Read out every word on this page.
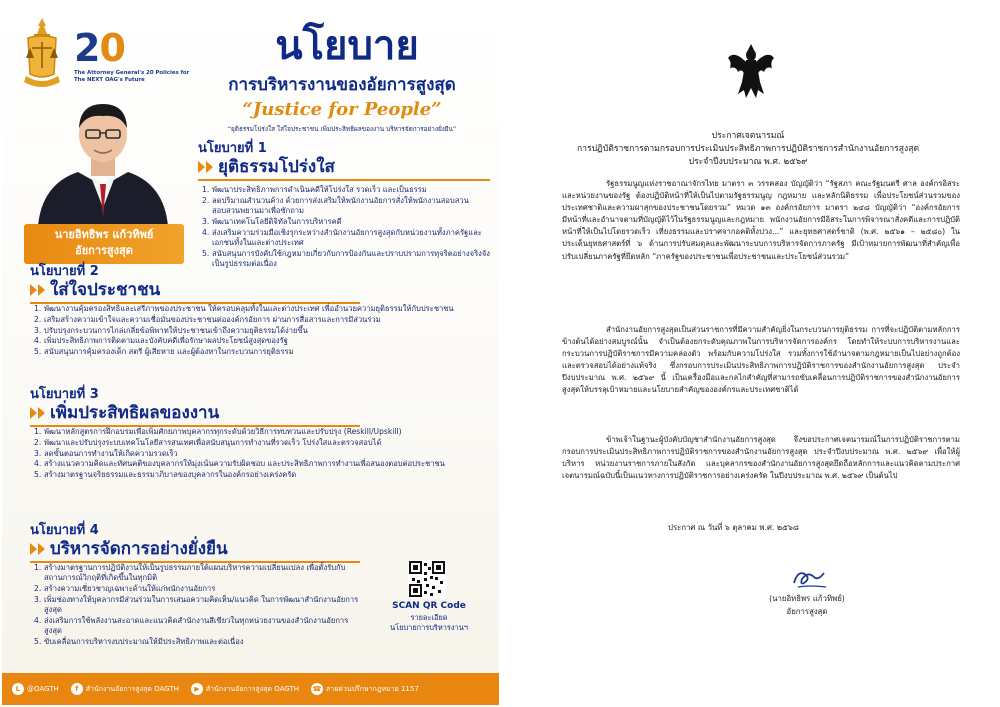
20
The Attorney General's 20 Policies for The NEXT OAG's Future
นโยบาย
การบริหารงานของอัยการสูงสุด
“Justice for People”
“ยุติธรรมโปร่งใส ใส่ใจประชาชน เพิ่มประสิทธิผลของงาน บริหารจัดการอย่างยั่งยืน”
นายอิทธิพร แก้วทิพย์
อัยการสูงสุด
นโยบายที่ 1
ยุติธรรมโปร่งใส
1. พัฒนาประสิทธิภาพการดำเนินคดีให้โปร่งใส รวดเร็ว และเป็นธรรม
2. ลดปริมาณสำนวนค้าง ด้วยการส่งเสริมให้พนักงานอัยการสั่งให้พนักงานสอบสวนสอบสวนพยานมาเพื่อซักถาม
3. พัฒนาเทคโนโลยีดิจิทัลในการบริหารคดี
4. ส่งเสริมความร่วมมือเชิงรุกระหว่างสำนักงานอัยการสูงสุดกับหน่วยงานทั้งภาครัฐและเอกชนทั้งในและต่างประเทศ
5. สนับสนุนการบังคับใช้กฎหมายเกี่ยวกับการป้องกันและปราบปรามการทุจริตอย่างจริงจัง เป็นรูปธรรมต่อเนื่อง
นโยบายที่ 2
ใส่ใจประชาชน
1. พัฒนางานคุ้มครองสิทธิและเสรีภาพของประชาชน ให้ครอบคลุมทั้งในและต่างประเทศ เพื่ออำนวยความยุติธรรมให้กับประชาชน
2. เสริมสร้างความเข้าใจและความเชื่อมั่นของประชาชนต่อองค์กรอัยการ ผ่านการสื่อสารและการมีส่วนร่วม
3. ปรับปรุงกระบวนการไกล่เกลี่ยข้อพิพาทให้ประชาชนเข้าถึงความยุติธรรมได้ง่ายขึ้น
4. เพิ่มประสิทธิภาพการติดตามและบังคับคดีเพื่อรักษาผลประโยชน์สูงสุดของรัฐ
5. สนับสนุนการคุ้มครองเด็ก สตรี ผู้เสียหาย และผู้ต้องหาในกระบวนการยุติธรรม
นโยบายที่ 3
เพิ่มประสิทธิผลของงาน
1. พัฒนาหลักสูตรการฝึกอบรมเพื่อเพิ่มศักยภาพบุคลากรทุกระดับด้วยวิธีการทบทวนและปรับปรุง (Reskill/Upskill)
2. พัฒนาและปรับปรุงระบบเทคโนโลยีสารสนเทศเพื่อสนับสนุนการทำงานที่รวดเร็ว โปร่งใสและตรวจสอบได้
3. ลดขั้นตอนการทำงานให้เกิดความรวดเร็ว
4. สร้างแนวความคิดและทัศนคติของบุคลากรให้มุ่งเน้นความรับผิดชอบ และประสิทธิภาพการทำงานเพื่อสนองตอบต่อประชาชน
5. สร้างมาตรฐานจริยธรรมและธรรมาภิบาลของบุคลากรในองค์กรอย่างเคร่งครัด
นโยบายที่ 4
บริหารจัดการอย่างยั่งยืน
1. สร้างมาตรฐานการปฏิบัติงานให้เป็นรูปธรรมภายใต้แผนบริหารความเปลี่ยนแปลง เพื่อตั้งรับกับสถานการณ์วิกฤติที่เกิดขึ้นในทุกมิติ
2. สร้างความเชี่ยวชาญเฉพาะด้านให้แก่พนักงานอัยการ
3. เพิ่มช่องทางให้บุคลากรมีส่วนร่วมในการเสนอความคิดเห็น/แนวคิด ในการพัฒนาสำนักงานอัยการสูงสุด
4. ส่งเสริมการใช้พลังงานสะอาดและแนวคิดสำนักงานสีเขียวในทุกหน่วยงานของสำนักงานอัยการสูงสุด
5. ขับเคลื่อนการบริหารงบประมาณให้มีประสิทธิภาพและต่อเนื่อง
SCAN QR Code
รายละเอียด
นโยบายการบริหารงานฯ
L @OAGTH	f	สำนักงานอัยการสูงสุด OAGTH	▶ สำนักงานอัยการสูงสุด OAGTH ☎ สายด่วนปรึกษากฎหมาย 1157
ประกาศเจตนารมณ์
การปฏิบัติราชการตามกรอบการประเมินประสิทธิภาพการปฏิบัติราชการสำนักงานอัยการสูงสุด
ประจำปีงบประมาณ พ.ศ. ๒๕๖๙

รัฐธรรมนูญแห่งราชอาณาจักรไทย มาตรา ๓ วรรคสอง บัญญัติว่า “รัฐสภา คณะรัฐมนตรี ศาล องค์กรอิสระ และหน่วยงานของรัฐ ต้องปฏิบัติหน้าที่ให้เป็นไปตามรัฐธรรมนูญ กฎหมาย และหลักนิติธรรม เพื่อประโยชน์ส่วนรวมของประเทศชาติและความผาสุกของประชาชนโดยรวม” หมวด ๑๓ องค์กรอัยการ มาตรา ๒๔๘ บัญญัติว่า “องค์กรอัยการมีหน้าที่และอำนาจตามที่บัญญัติไว้ในรัฐธรรมนูญและกฎหมาย พนักงานอัยการมีอิสระในการพิจารณาสั่งคดีและการปฏิบัติหน้าที่ให้เป็นไปโดยรวดเร็ว เที่ยงธรรมและปราศจากอคติทั้งปวง...” และยุทธศาสตร์ชาติ (พ.ศ. ๒๕๖๑ – ๒๕๘๐) ในประเด็นยุทธศาสตร์ที่ ๖ ด้านการปรับสมดุลและพัฒนาระบบการบริหารจัดการภาครัฐ มีเป้าหมายการพัฒนาที่สำคัญเพื่อปรับเปลี่ยนภาครัฐที่ยึดหลัก “ภาครัฐของประชาชนเพื่อประชาชนและประโยชน์ส่วนรวม”

สำนักงานอัยการสูงสุดเป็นส่วนราชการที่มีความสำคัญยิ่งในกระบวนการยุติธรรม การที่จะปฏิบัติตามหลักการข้างต้นได้อย่างสมบูรณ์นั้น จำเป็นต้องยกระดับคุณภาพในการบริหารจัดการองค์กร โดยทำให้ระบบการบริหารงานและกระบวนการปฏิบัติราชการมีความคล่องตัว พร้อมกับความโปร่งใส รวมทั้งการใช้อำนาจตามกฎหมายเป็นไปอย่างถูกต้องและตรวจสอบได้อย่างแท้จริง ซึ่งกรอบการประเมินประสิทธิภาพการปฏิบัติราชการของสำนักงานอัยการสูงสุด ประจำปีงบประมาณ พ.ศ. ๒๕๖๙ นี้ เป็นเครื่องมือและกลไกสำคัญที่สามารถขับเคลื่อนการปฏิบัติราชการของสำนักงานอัยการสูงสุดให้บรรลุเป้าหมายและนโยบายสำคัญขององค์กรและประเทศชาติได้

ข้าพเจ้าในฐานะผู้บังคับบัญชาสำนักงานอัยการสูงสุด จึงขอประกาศเจตนารมณ์ในการปฏิบัติราชการตามกรอบการประเมินประสิทธิภาพการปฏิบัติราชการของสำนักงานอัยการสูงสุด ประจำปีงบประมาณ พ.ศ. ๒๕๖๙ เพื่อให้ผู้บริหาร หน่วยงานราชการภายในสังกัด และบุคลากรของสำนักงานอัยการสูงสุดยึดถือหลักการและแนวคิดตามประกาศเจตนารมณ์ฉบับนี้เป็นแนวทางการปฏิบัติราชการอย่างเคร่งครัด ในปีงบประมาณ พ.ศ. ๒๕๖๙ เป็นต้นไป

ประกาศ ณ วันที่ ๖ ตุลาคม พ.ศ. ๒๕๖๘
(นายอิทธิพร แก้วทิพย์)
อัยการสูงสุด
